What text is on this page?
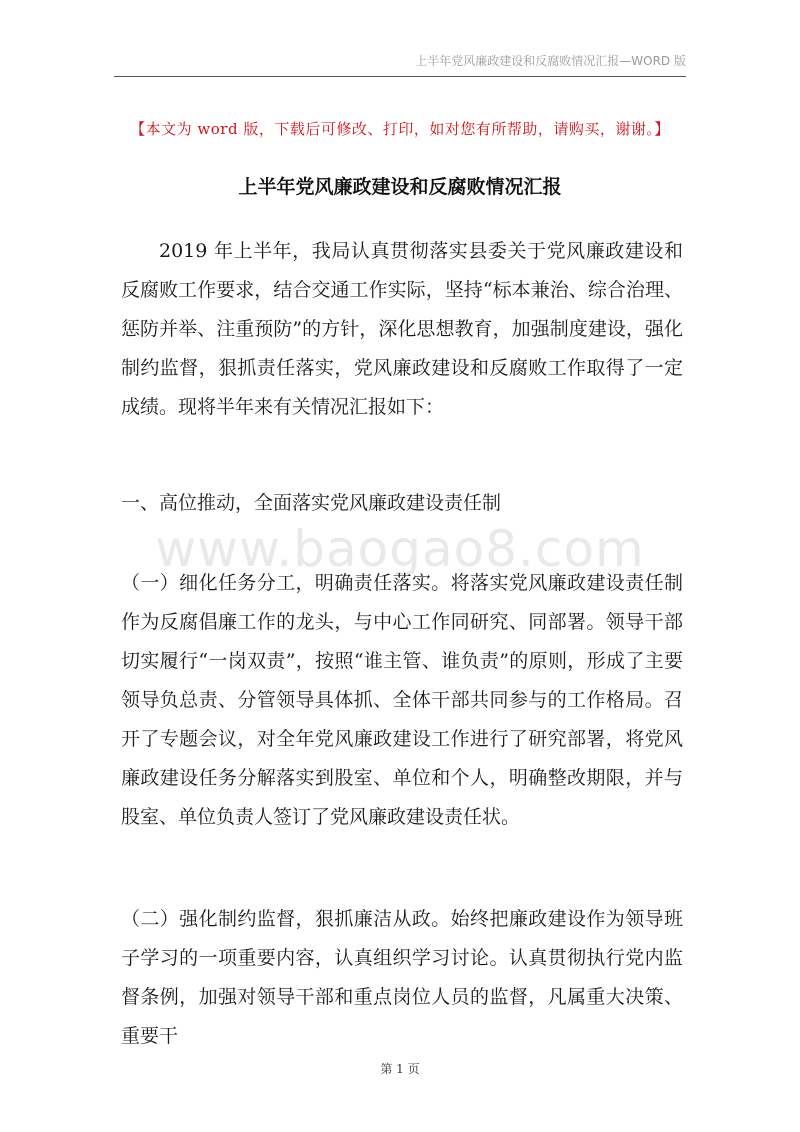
上半年党风廉政建设和反腐败情况汇报—WORD 版
【本文为 word 版，下载后可修改、打印，如对您有所帮助，请购买，谢谢。】
上半年党风廉政建设和反腐败情况汇报
www.baogao8.com

2019 年上半年，我局认真贯彻落实县委关于党风廉政建设和反腐败工作要求，结合交通工作实际，坚持“标本兼治、综合治理、惩防并举、注重预防”的方针，深化思想教育，加强制度建设，强化制约监督，狠抓责任落实，党风廉政建设和反腐败工作取得了一定成绩。现将半年来有关情况汇报如下：

一、高位推动，全面落实党风廉政建设责任制

（一）细化任务分工，明确责任落实。将落实党风廉政建设责任制作为反腐倡廉工作的龙头，与中心工作同研究、同部署。领导干部切实履行“一岗双责”，按照“谁主管、谁负责”的原则，形成了主要领导负总责、分管领导具体抓、全体干部共同参与的工作格局。召开了专题会议，对全年党风廉政建设工作进行了研究部署，将党风廉政建设任务分解落实到股室、单位和个人，明确整改期限，并与股室、单位负责人签订了党风廉政建设责任状。

（二）强化制约监督，狠抓廉洁从政。始终把廉政建设作为领导班子学习的一项重要内容，认真组织学习讨论。认真贯彻执行党内监督条例，加强对领导干部和重点岗位人员的监督，凡属重大决策、重要干

第 1 页
